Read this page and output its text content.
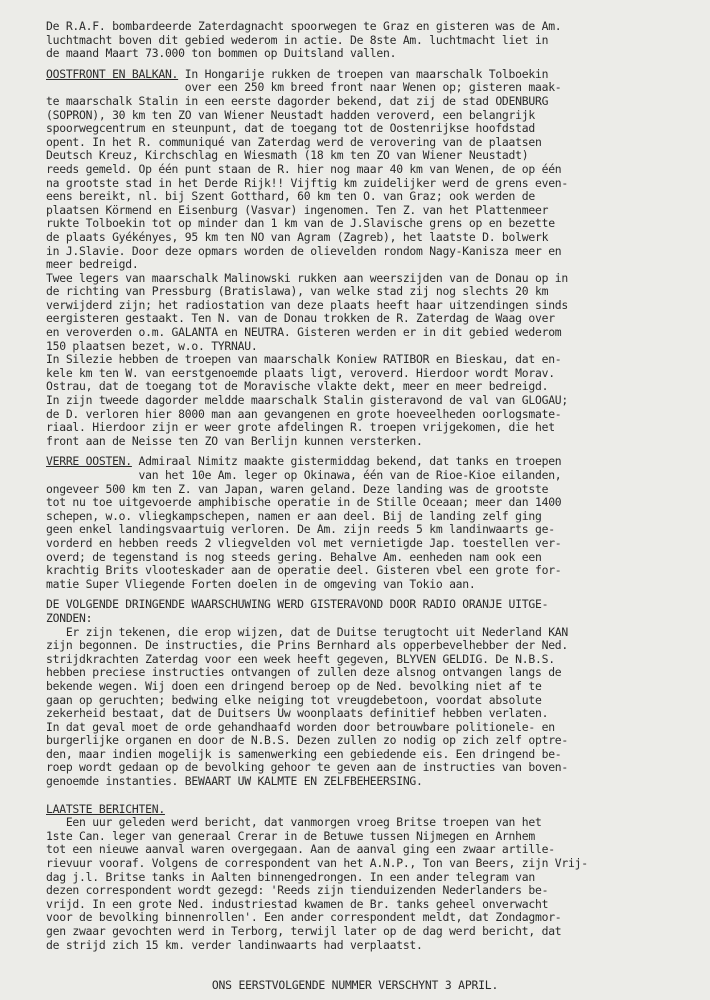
De R.A.F. bombardeerde Zaterdagnacht spoorwegen te Graz en gisteren was de Am.
luchtmacht boven dit gebied wederom in actie. De 8ste Am. luchtmacht liet in
de maand Maart 73.000 ton bommen op Duitsland vallen.
OOSTFRONT EN BALKAN. In Hongarije rukken de troepen van maarschalk Tolboekin
over een 250 km breed front naar Wenen op; gisteren maak-
te maarschalk Stalin in een eerste dagorder bekend, dat zij de stad ODENBURG
(SOPRON), 30 km ten ZO van Wiener Neustadt hadden veroverd, een belangrijk
spoorwegcentrum en steunpunt, dat de toegang tot de Oostenrijkse hoofdstad
opent. In het R. communiqué van Zaterdag werd de verovering van de plaatsen
Deutsch Kreuz, Kirchschlag en Wiesmath (18 km ten ZO van Wiener Neustadt)
reeds gemeld. Op één punt staan de R. hier nog maar 40 km van Wenen, de op één
na grootste stad in het Derde Rijk!! Vijftig km zuidelijker werd de grens even-
eens bereikt, nl. bij Szent Gotthard, 60 km ten O. van Graz; ook werden de
plaatsen Körmend en Eisenburg (Vasvar) ingenomen. Ten Z. van het Plattenmeer
rukte Tolboekin tot op minder dan 1 km van de J.Slavische grens op en bezette
de plaats Gyékényes, 95 km ten NO van Agram (Zagreb), het laatste D. bolwerk
in J.Slavie. Door deze opmars worden de olievelden rondom Nagy-Kanisza meer en
meer bedreigd.
Twee legers van maarschalk Malinowski rukken aan weerszijden van de Donau op in
de richting van Pressburg (Bratislawa), van welke stad zij nog slechts 20 km
verwijderd zijn; het radiostation van deze plaats heeft haar uitzendingen sinds
eergisteren gestaakt. Ten N. van de Donau trokken de R. Zaterdag de Waag over
en veroverden o.m. GALANTA en NEUTRA. Gisteren werden er in dit gebied wederom
150 plaatsen bezet, w.o. TYRNAU.
In Silezie hebben de troepen van maarschalk Koniew RATIBOR en Bieskau, dat en-
kele km ten W. van eerstgenoemde plaats ligt, veroverd. Hierdoor wordt Morav.
Ostrau, dat de toegang tot de Moravische vlakte dekt, meer en meer bedreigd.
In zijn tweede dagorder meldde maarschalk Stalin gisteravond de val van GLOGAU;
de D. verloren hier 8000 man aan gevangenen en grote hoeveelheden oorlogsmate-
riaal. Hierdoor zijn er weer grote afdelingen R. troepen vrijgekomen, die het
front aan de Neisse ten ZO van Berlijn kunnen versterken.
VERRE OOSTEN. Admiraal Nimitz maakte gistermiddag bekend, dat tanks en troepen
van het 10e Am. leger op Okinawa, één van de Rioe-Kioe eilanden,
ongeveer 500 km ten Z. van Japan, waren geland. Deze landing was de grootste
tot nu toe uitgevoerde amphibische operatie in de Stille Oceaan; meer dan 1400
schepen, w.o. vliegkampschepen, namen er aan deel. Bij de landing zelf ging
geen enkel landingsvaartuig verloren. De Am. zijn reeds 5 km landinwaarts ge-
vorderd en hebben reeds 2 vliegvelden vol met vernietigde Jap. toestellen ver-
overd; de tegenstand is nog steeds gering. Behalve Am. eenheden nam ook een
krachtig Brits vlooteskader aan de operatie deel. Gisteren vbel een grote for-
matie Super Vliegende Forten doelen in de omgeving van Tokio aan.
DE VOLGENDE DRINGENDE WAARSCHUWING WERD GISTERAVOND DOOR RADIO ORANJE UITGE-
ZONDEN:
Er zijn tekenen, die erop wijzen, dat de Duitse terugtocht uit Nederland KAN
zijn begonnen. De instructies, die Prins Bernhard als opperbevelhebber der Ned.
strijdkrachten Zaterdag voor een week heeft gegeven, BLYVEN GELDIG. De N.B.S.
hebben preciese instructies ontvangen of zullen deze alsnog ontvangen langs de
bekende wegen. Wij doen een dringend beroep op de Ned. bevolking niet af te
gaan op geruchten; bedwing elke neiging tot vreugdebetoon, voordat absolute
zekerheid bestaat, dat de Duitsers Uw woonplaats definitief hebben verlaten.
In dat geval moet de orde gehandhaafd worden door betrouwbare politionele- en
burgerlijke organen en door de N.B.S. Dezen zullen zo nodig op zich zelf optre-
den, maar indien mogelijk is samenwerking een gebiedende eis. Een dringend be-
roep wordt gedaan op de bevolking gehoor te geven aan de instructies van boven-
genoemde instanties. BEWAART UW KALMTE EN ZELFBEHEERSING.
LAATSTE BERICHTEN.
Een uur geleden werd bericht, dat vanmorgen vroeg Britse troepen van het
1ste Can. leger van generaal Crerar in de Betuwe tussen Nijmegen en Arnhem
tot een nieuwe aanval waren overgegaan. Aan de aanval ging een zwaar artille-
rievuur vooraf. Volgens de correspondent van het A.N.P., Ton van Beers, zijn Vrij-
dag j.l. Britse tanks in Aalten binnengedrongen. In een ander telegram van
dezen correspondent wordt gezegd: 'Reeds zijn tienduizenden Nederlanders be-
vrijd. In een grote Ned. industriestad kwamen de Br. tanks geheel onverwacht
voor de bevolking binnenrollen'. Een ander correspondent meldt, dat Zondagmor-
gen zwaar gevochten werd in Terborg, terwijl later op de dag werd bericht, dat
de strijd zich 15 km. verder landinwaarts had verplaatst.
ONS EERSTVOLGENDE NUMMER VERSCHYNT 3 APRIL.
